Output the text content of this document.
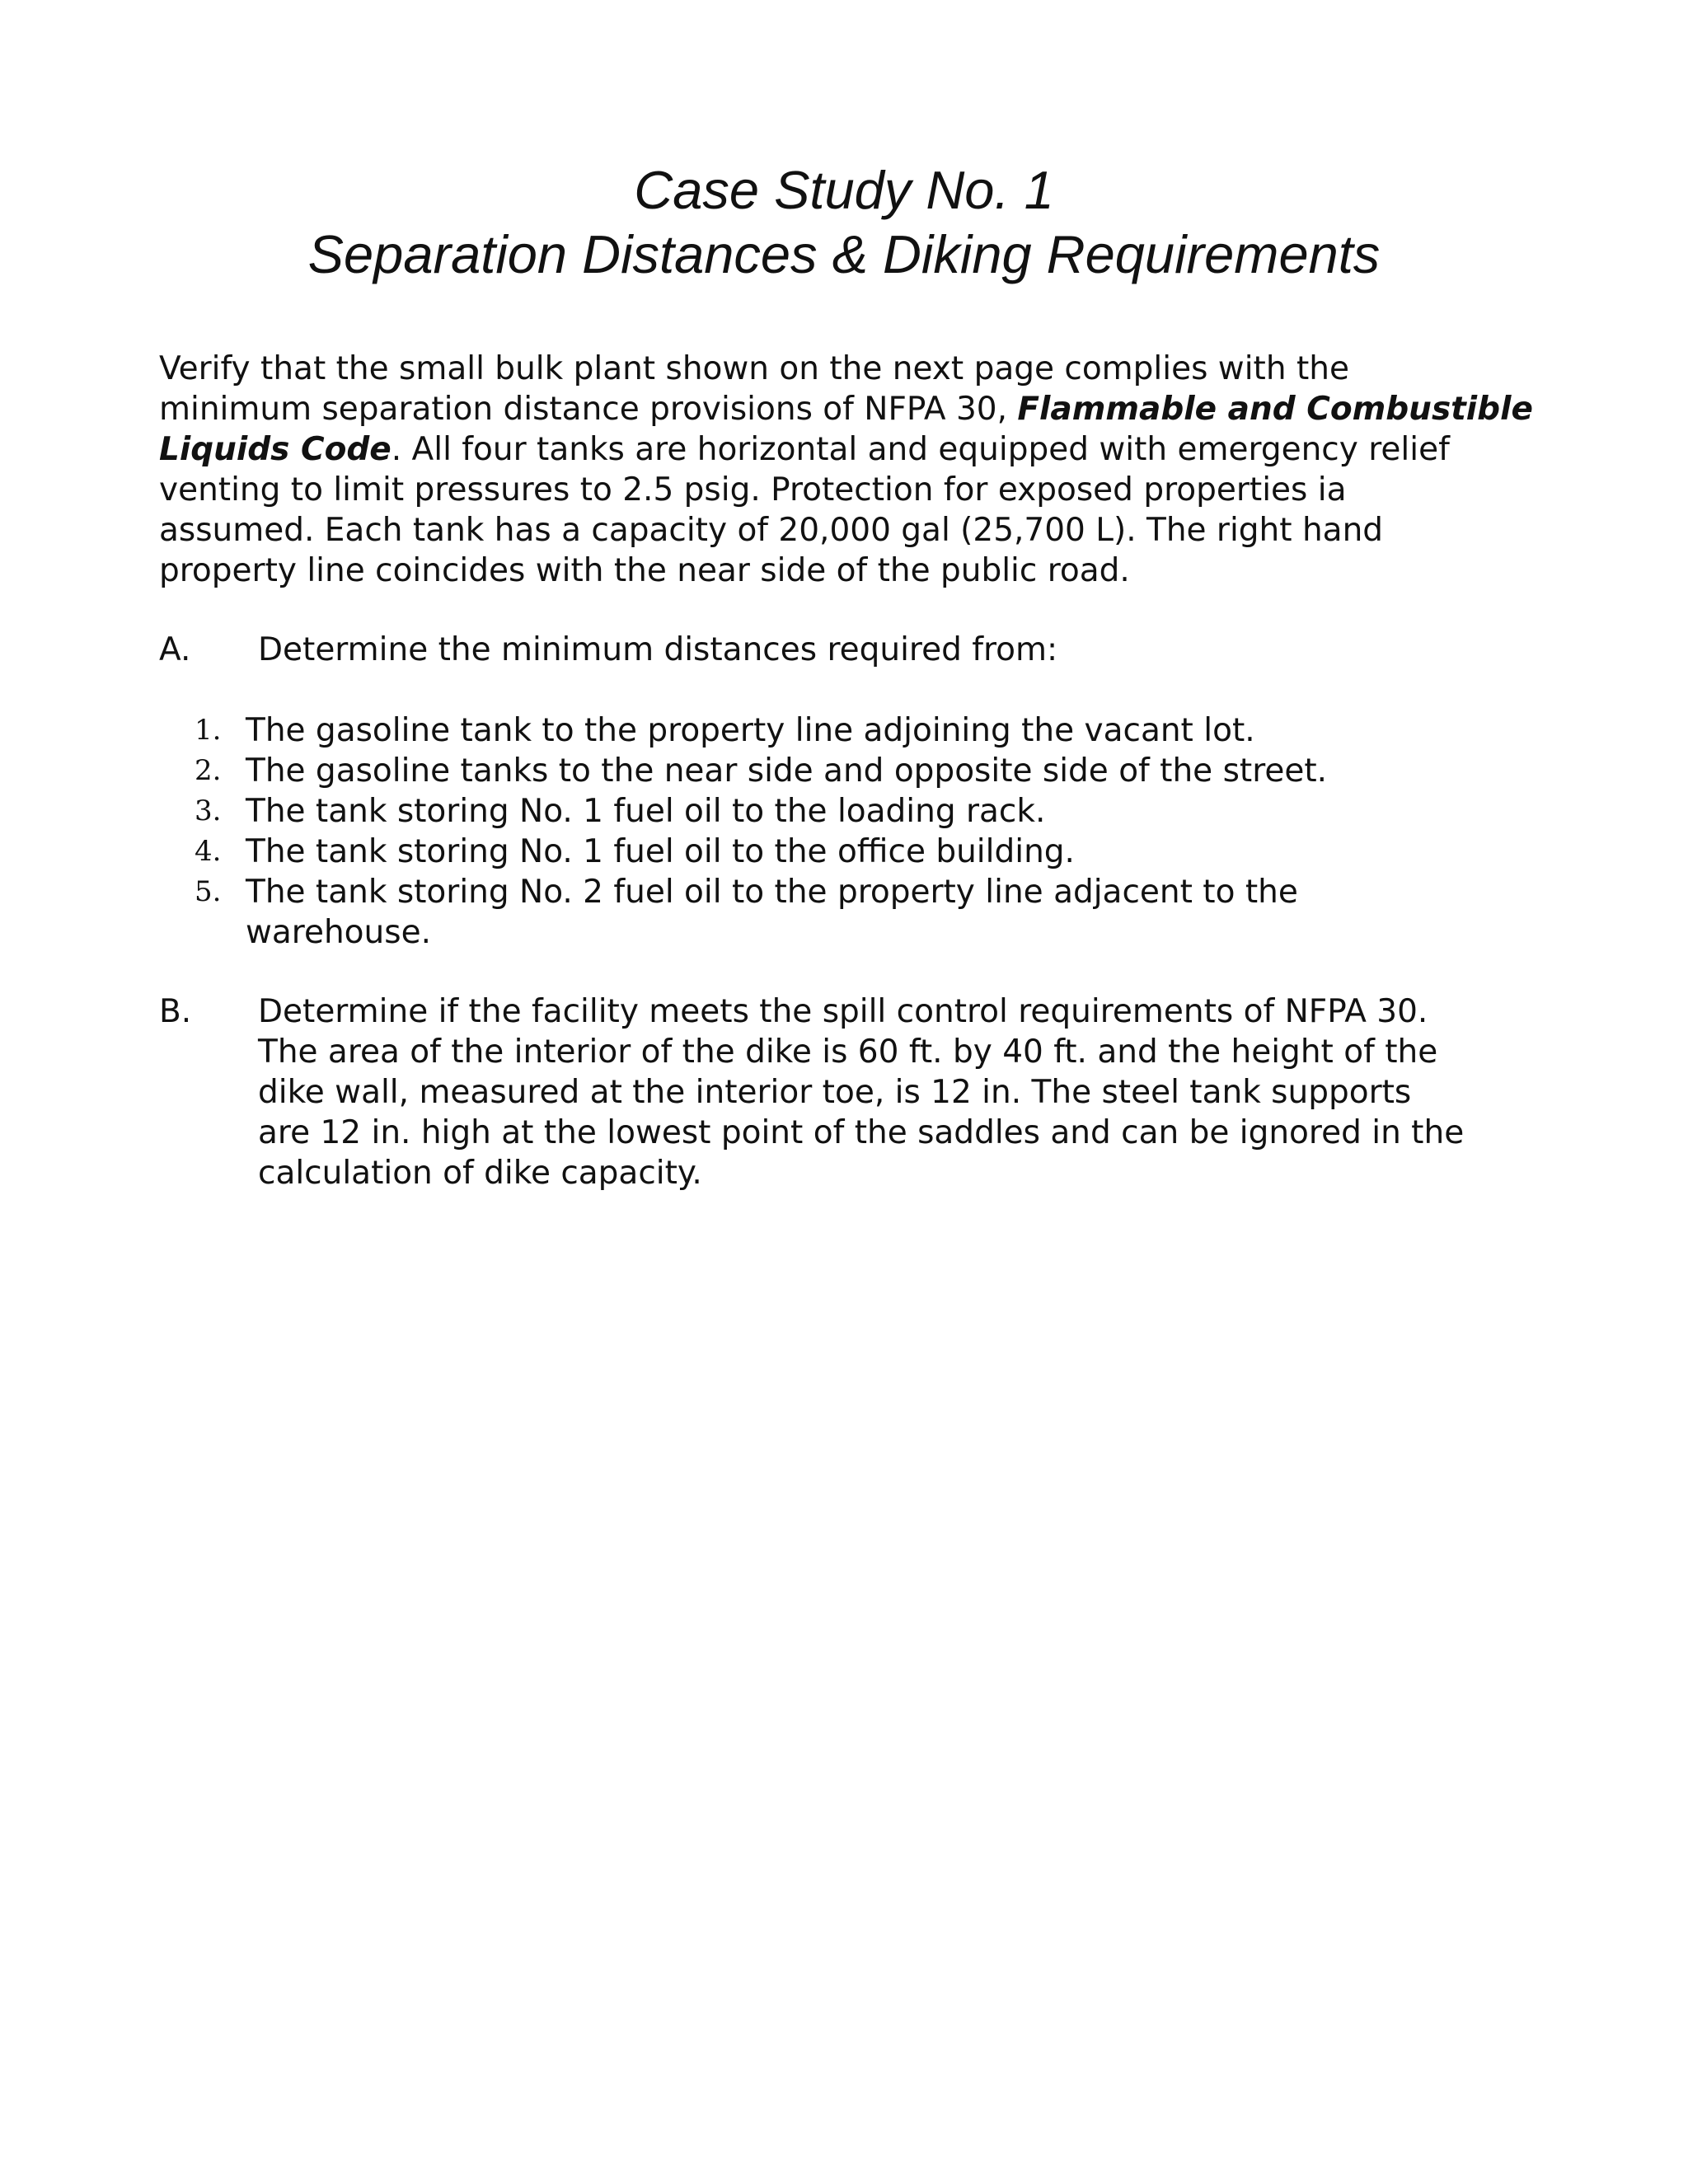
Case Study No. 1
Separation Distances & Diking Requirements

Verify that the small bulk plant shown on the next page complies with the
minimum separation distance provisions of NFPA 30, Flammable and Combustible
Liquids Code. All four tanks are horizontal and equipped with emergency relief
venting to limit pressures to 2.5 psig. Protection for exposed properties ia
assumed. Each tank has a capacity of 20,000 gal (25,700 L). The right hand
property line coincides with the near side of the public road.

A. Determine the minimum distances required from:
1. The gasoline tank to the property line adjoining the vacant lot.
2. The gasoline tanks to the near side and opposite side of the street.
3. The tank storing No. 1 fuel oil to the loading rack.
4. The tank storing No. 1 fuel oil to the office building.
5. The tank storing No. 2 fuel oil to the property line adjacent to the
warehouse.
B. Determine if the facility meets the spill control requirements of NFPA 30.
The area of the interior of the dike is 60 ft. by 40 ft. and the height of the
dike wall, measured at the interior toe, is 12 in. The steel tank supports
are 12 in. high at the lowest point of the saddles and can be ignored in the
calculation of dike capacity.
